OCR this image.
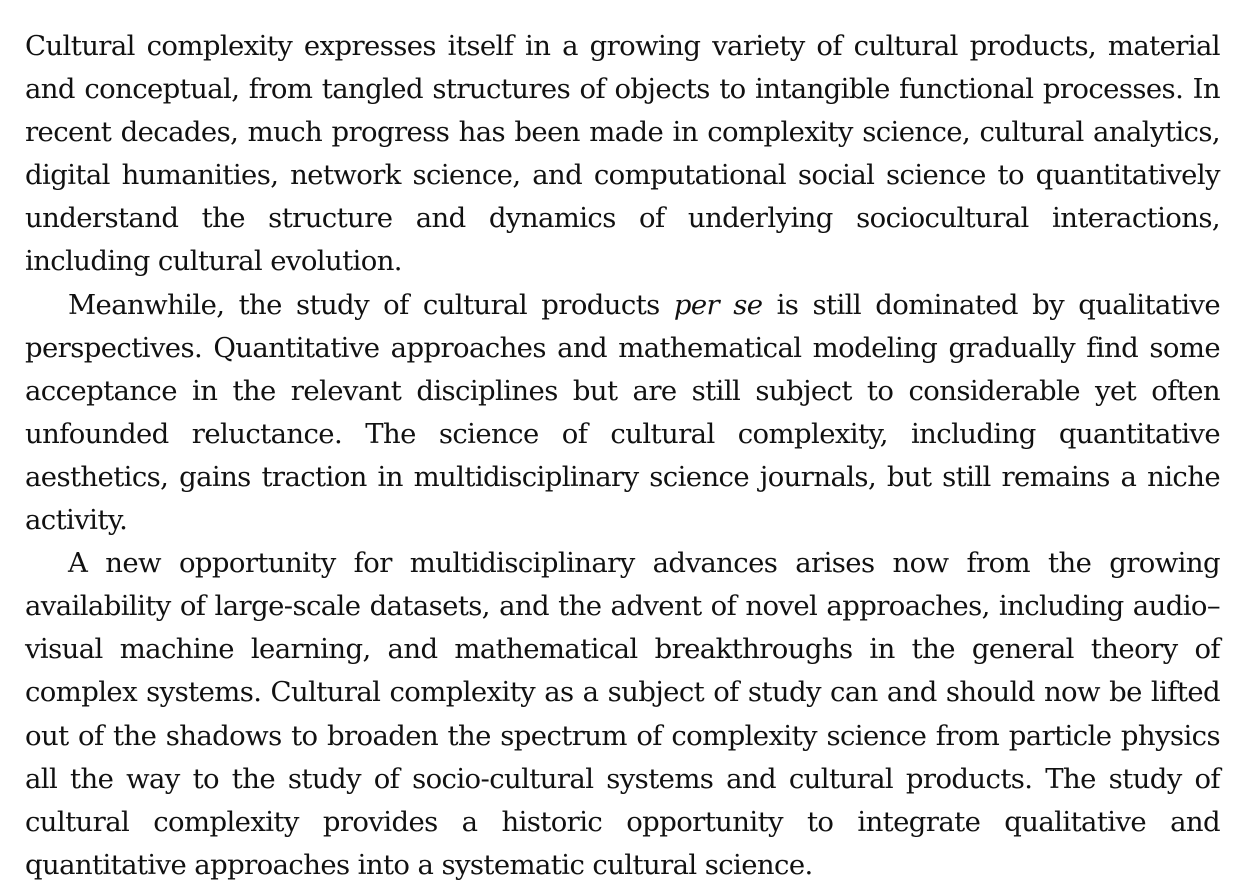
Cultural complexity expresses itself in a growing variety of cultural products, material and conceptual, from tangled structures of objects to intangible functional processes. In recent decades, much progress has been made in complexity science, cultural analytics, digital humanities, network science, and computational social science to quantitatively understand the structure and dynamics of underlying sociocultural interactions, including cultural evolution.

Meanwhile, the study of cultural products per se is still dominated by qualitative perspectives. Quantitative approaches and mathematical modeling gradually find some acceptance in the relevant disciplines but are still subject to considerable yet often unfounded reluctance. The science of cultural complexity, including quantitative aesthetics, gains traction in multidisciplinary science journals, but still remains a niche activity.

A new opportunity for multidisciplinary advances arises now from the growing availability of large-scale datasets, and the advent of novel approaches, including audio–visual machine learning, and mathematical breakthroughs in the general theory of complex systems. Cultural complexity as a subject of study can and should now be lifted out of the shadows to broaden the spectrum of complexity science from particle physics all the way to the study of socio-cultural systems and cultural products. The study of cultural complexity provides a historic opportunity to integrate qualitative and quantitative approaches into a systematic cultural science.
